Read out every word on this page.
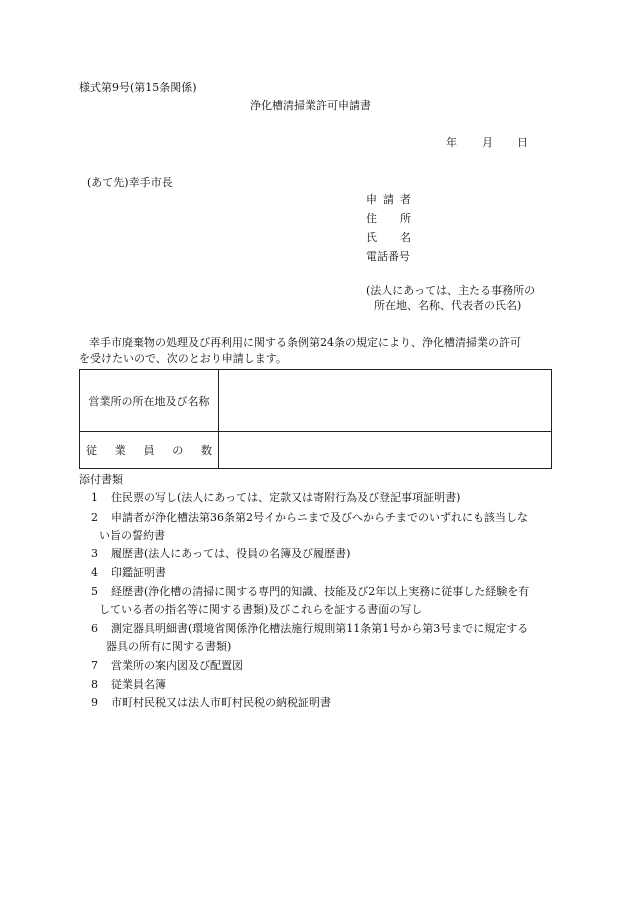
様式第9号(第15条関係)
浄化槽清掃業許可申請書
年 月 日
(あて先)幸手市長
申 請 者
住 所
氏 名
電話番号
(法人にあっては、主たる事務所の
所在地、名称、代表者の氏名)
幸手市廃棄物の処理及び再利用に関する条例第24条の規定により、浄化槽清掃業の許可
を受けたいので、次のとおり申請します。
営業所の所在地及び名称	

従 業 員 の 数	

添付書類
1 住民票の写し(法人にあっては、定款又は寄附行為及び登記事項証明書)
2 申請者が浄化槽法第36条第2号イからニまで及びへからチまでのいずれにも該当しな
い旨の誓約書
3 履歴書(法人にあっては、役員の名簿及び履歴書)
4 印鑑証明書
5 経歴書(浄化槽の清掃に関する専門的知識、技能及び2年以上実務に従事した経験を有
している者の指名等に関する書類)及びこれらを証する書面の写し
6 測定器具明細書(環境省関係浄化槽法施行規則第11条第1号から第3号までに規定する
器具の所有に関する書類)
7 営業所の案内図及び配置図
8 従業員名簿
9 市町村民税又は法人市町村民税の納税証明書
